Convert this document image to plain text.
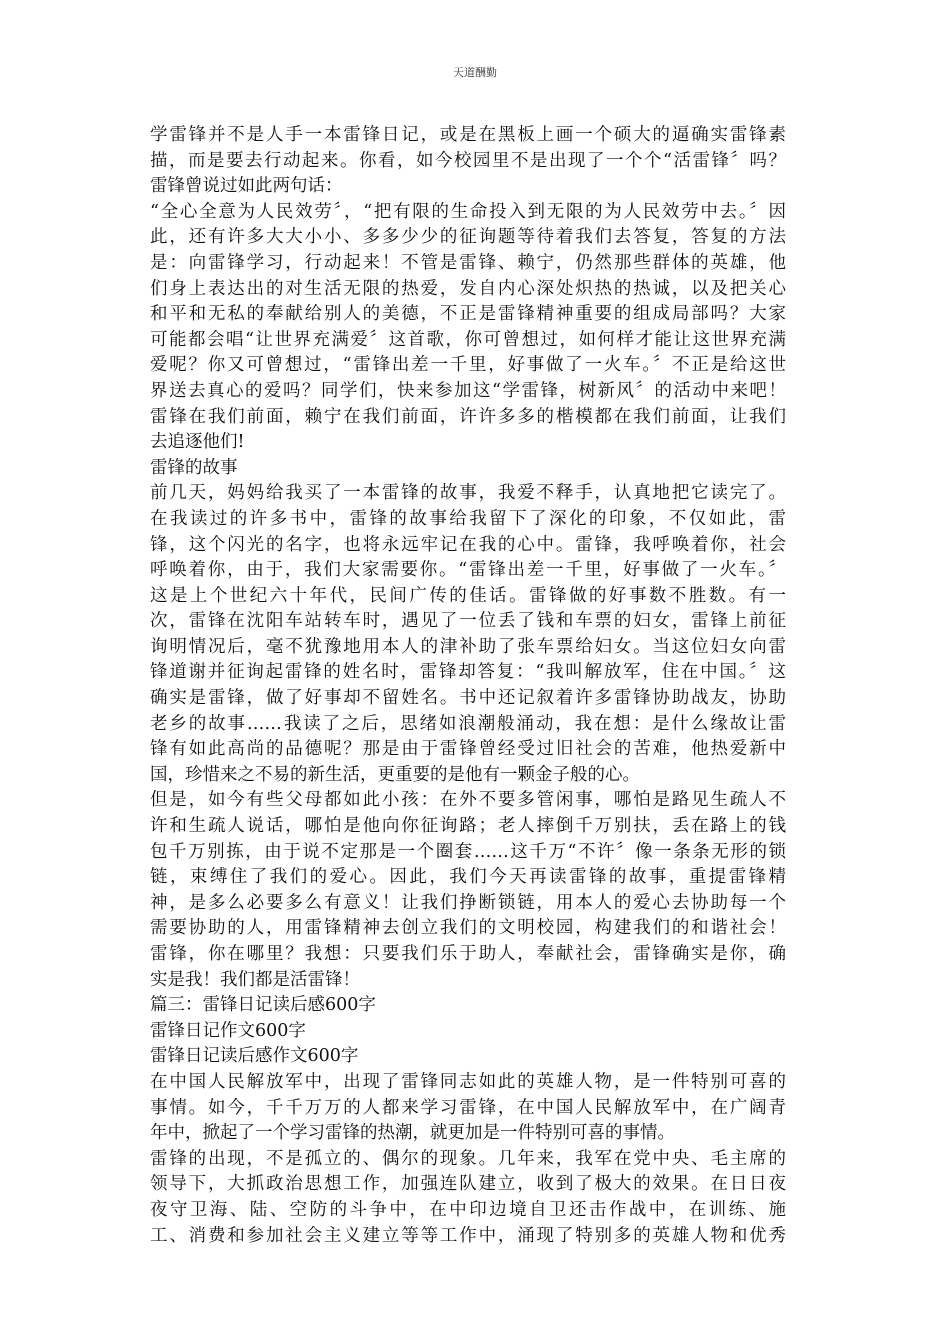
天道酬勤
学雷锋并不是人手一本雷锋日记，或是在黑板上画一个硕大的逼确实雷锋素
描，而是要去行动起来。你看，如今校园里不是出现了一个个“活雷锋〞吗？
雷锋曾说过如此两句话：
“全心全意为人民效劳〞，“把有限的生命投入到无限的为人民效劳中去。〞因
此，还有许多大大小小、多多少少的征询题等待着我们去答复，答复的方法
是：向雷锋学习，行动起来！不管是雷锋、赖宁，仍然那些群体的英雄，他
们身上表达出的对生活无限的热爱，发自内心深处炽热的热诚，以及把关心
和平和无私的奉献给别人的美德，不正是雷锋精神重要的组成局部吗？大家
可能都会唱“让世界充满爱〞这首歌，你可曾想过，如何样才能让这世界充满
爱呢？你又可曾想过，“雷锋出差一千里，好事做了一火车。〞不正是给这世
界送去真心的爱吗？同学们，快来参加这“学雷锋，树新风〞的活动中来吧！
雷锋在我们前面，赖宁在我们前面，许许多多的楷模都在我们前面，让我们
去追逐他们!
雷锋的故事
前几天，妈妈给我买了一本雷锋的故事，我爱不释手，认真地把它读完了。
在我读过的许多书中，雷锋的故事给我留下了深化的印象，不仅如此，雷
锋，这个闪光的名字，也将永远牢记在我的心中。雷锋，我呼唤着你，社会
呼唤着你，由于，我们大家需要你。“雷锋出差一千里，好事做了一火车。〞
这是上个世纪六十年代，民间广传的佳话。雷锋做的好事数不胜数。有一
次，雷锋在沈阳车站转车时，遇见了一位丢了钱和车票的妇女，雷锋上前征
询明情况后，毫不犹豫地用本人的津补助了张车票给妇女。当这位妇女向雷
锋道谢并征询起雷锋的姓名时，雷锋却答复：“我叫解放军，住在中国。〞这
确实是雷锋，做了好事却不留姓名。书中还记叙着许多雷锋协助战友，协助
老乡的故事……我读了之后，思绪如浪潮般涌动，我在想：是什么缘故让雷
锋有如此高尚的品德呢？那是由于雷锋曾经受过旧社会的苦难，他热爱新中
国，珍惜来之不易的新生活，更重要的是他有一颗金子般的心。
但是，如今有些父母都如此小孩：在外不要多管闲事，哪怕是路见生疏人不
许和生疏人说话，哪怕是他向你征询路；老人摔倒千万别扶，丢在路上的钱
包千万别拣，由于说不定那是一个圈套……这千万“不许〞像一条条无形的锁
链，束缚住了我们的爱心。因此，我们今天再读雷锋的故事，重提雷锋精
神，是多么必要多么有意义！让我们挣断锁链，用本人的爱心去协助每一个
需要协助的人，用雷锋精神去创立我们的文明校园，构建我们的和谐社会！
雷锋，你在哪里？我想：只要我们乐于助人，奉献社会，雷锋确实是你，确
实是我！我们都是活雷锋！
篇三：雷锋日记读后感600字
雷锋日记作文600字
雷锋日记读后感作文600字
在中国人民解放军中，出现了雷锋同志如此的英雄人物，是一件特别可喜的
事情。如今，千千万万的人都来学习雷锋，在中国人民解放军中，在广阔青
年中，掀起了一个学习雷锋的热潮，就更加是一件特别可喜的事情。
雷锋的出现，不是孤立的、偶尔的现象。几年来，我军在党中央、毛主席的
领导下，大抓政治思想工作，加强连队建立，收到了极大的效果。在日日夜
夜守卫海、陆、空防的斗争中，在中印边境自卫还击作战中，在训练、施
工、消费和参加社会主义建立等等工作中，涌现了特别多的英雄人物和优秀
